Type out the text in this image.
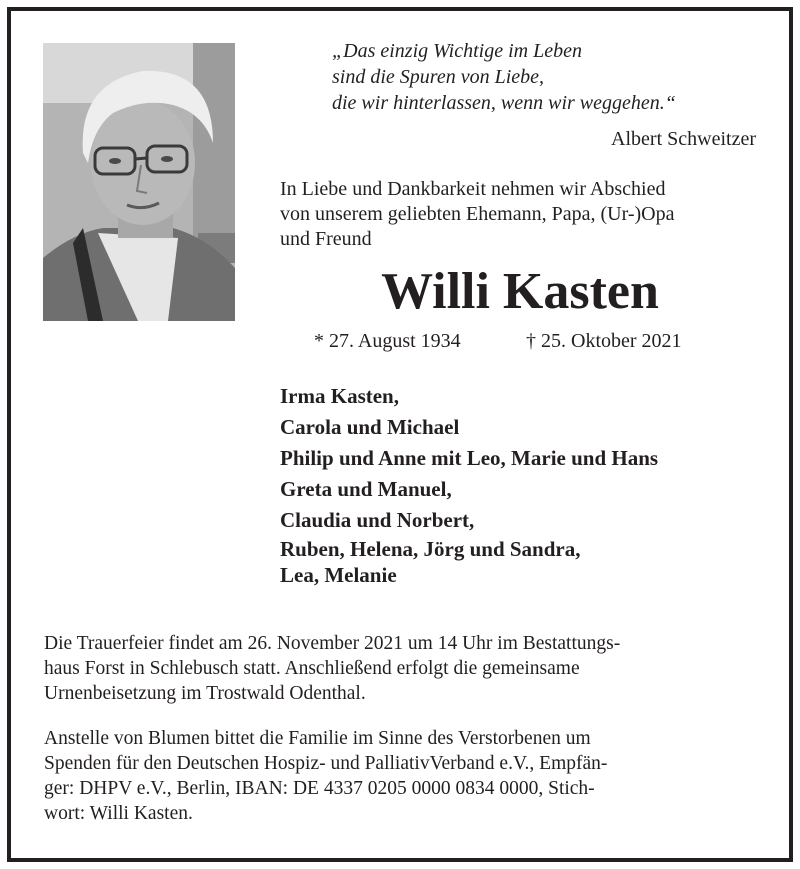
„Das einzig Wichtige im Leben
sind die Spuren von Liebe,
die wir hinterlassen, wenn wir weggehen.“
Albert Schweitzer
In Liebe und Dankbarkeit nehmen wir Abschied
von unserem geliebten Ehemann, Papa, (Ur-)Opa
und Freund
Willi Kasten
* 27. August 1934	† 25. Oktober 2021
Irma Kasten,
Carola und Michael
Philip und Anne mit Leo, Marie und Hans
Greta und Manuel,
Claudia und Norbert,
Ruben, Helena, Jörg und Sandra,
Lea, Melanie
Die Trauerfeier findet am 26. November 2021 um 14 Uhr im Bestattungs-
haus Forst in Schlebusch statt. Anschließend erfolgt die gemeinsame
Urnenbeisetzung im Trostwald Odenthal.
Anstelle von Blumen bittet die Familie im Sinne des Verstorbenen um
Spenden für den Deutschen Hospiz- und PalliativVerband e.V., Empfän-
ger: DHPV e.V., Berlin, IBAN: DE 4337 0205 0000 0834 0000, Stich-
wort: Willi Kasten.
